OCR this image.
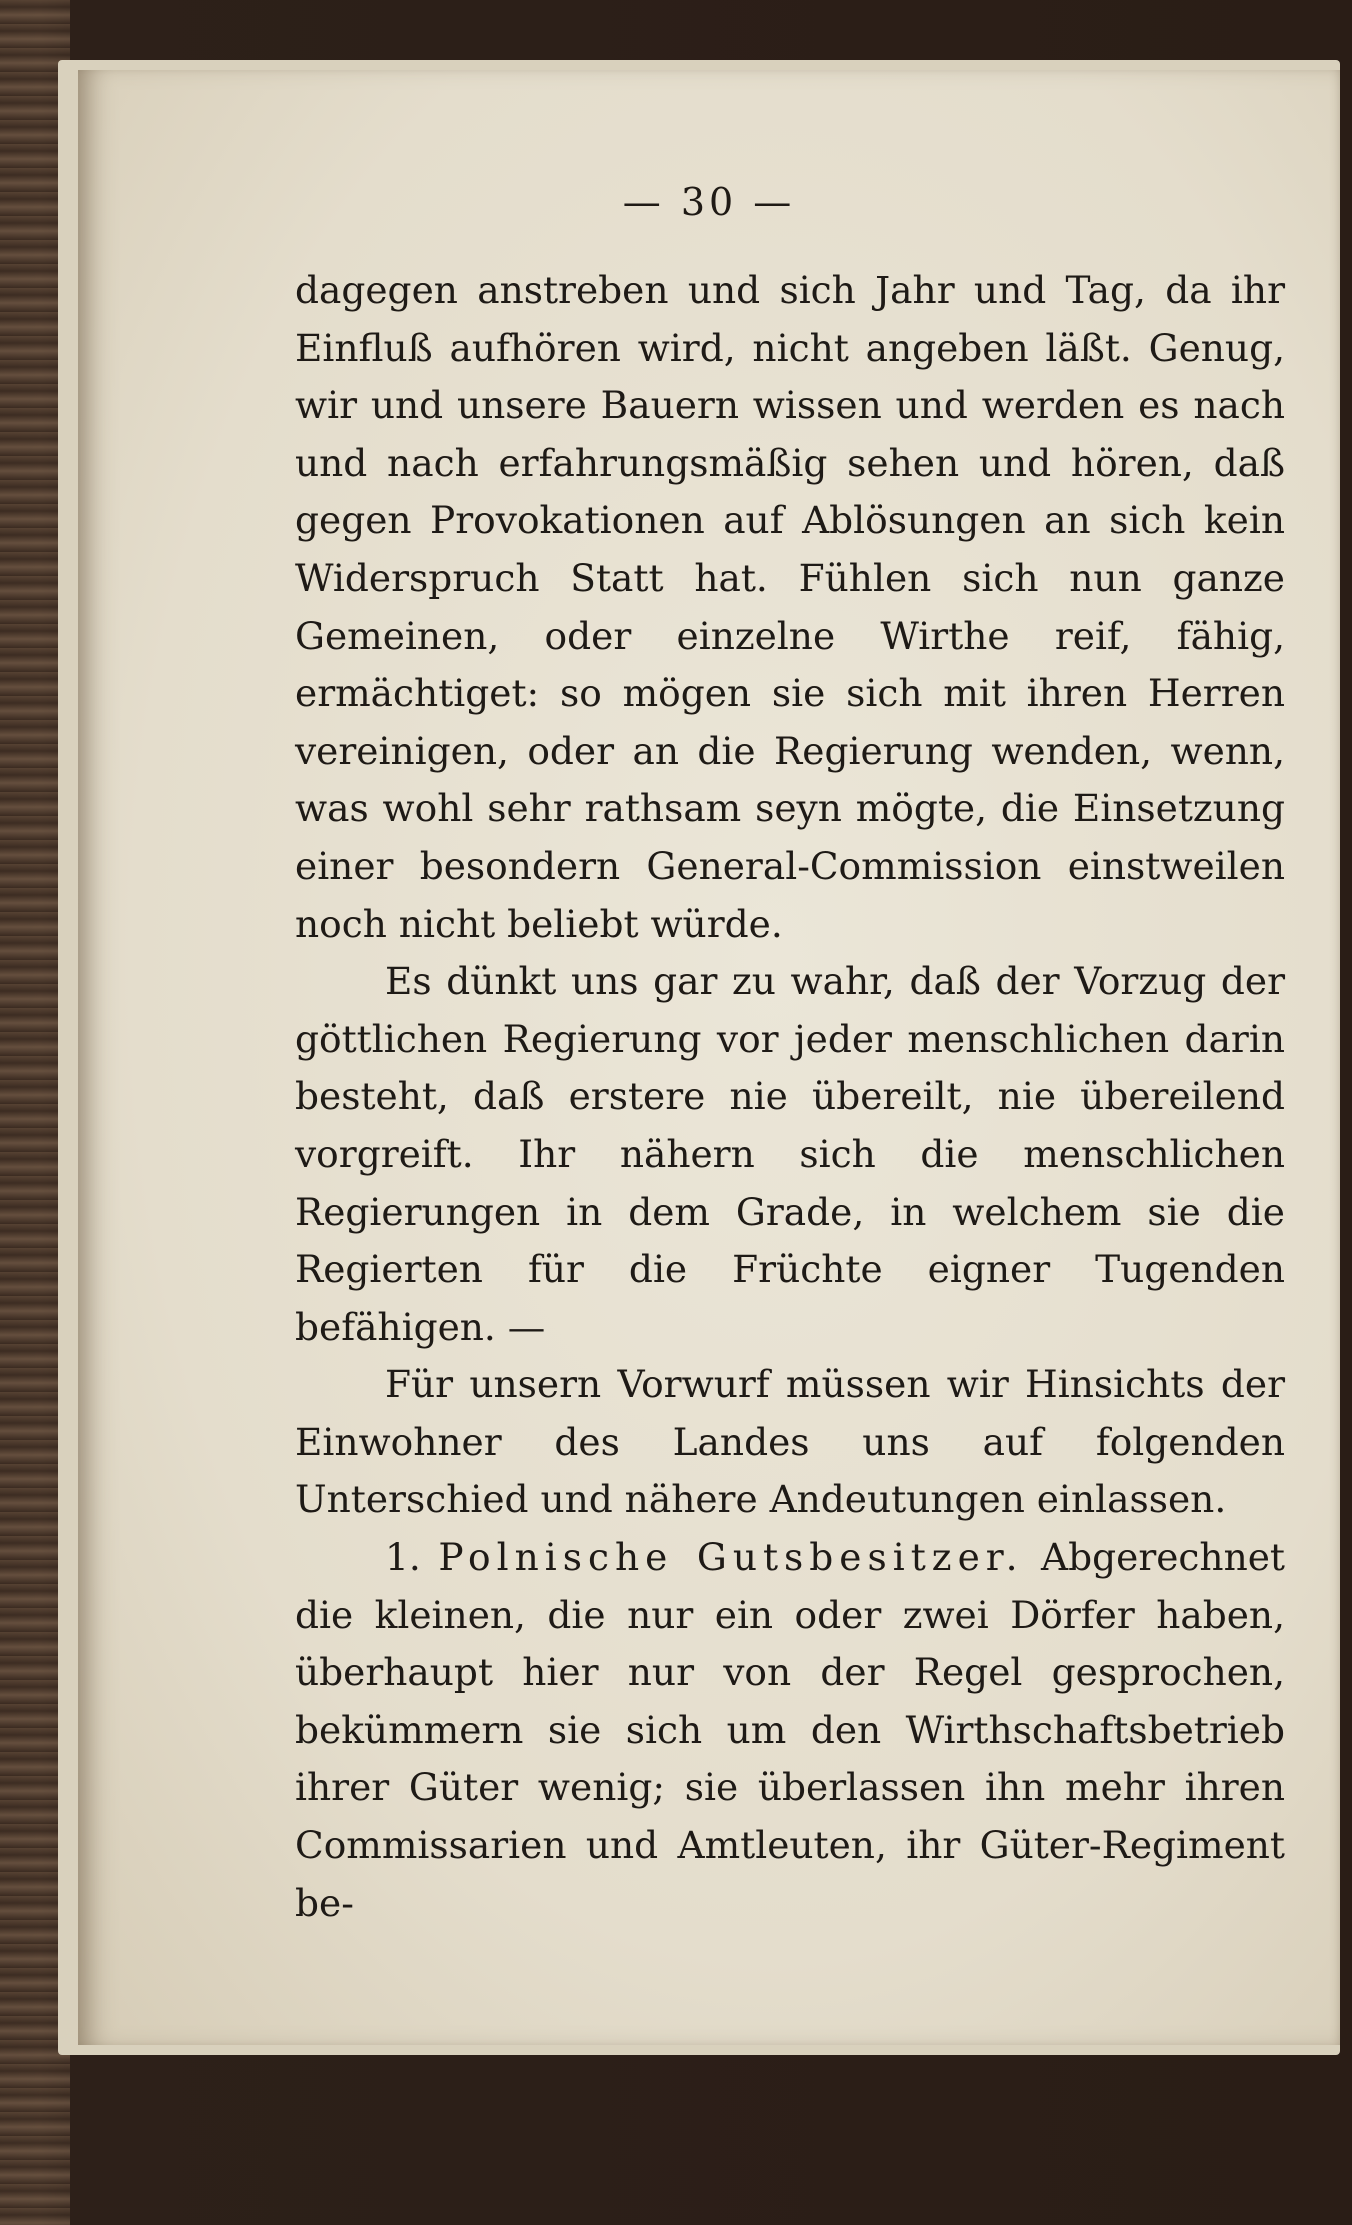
— 30 —

dagegen anstreben und sich Jahr und Tag, da ihr Einfluß aufhören wird, nicht angeben läßt. Genug, wir und unsere Bauern wissen und werden es nach und nach erfahrungsmäßig sehen und hören, daß gegen Provokationen auf Ablösungen an sich kein Widerspruch Statt hat. Fühlen sich nun ganze Gemeinen, oder einzelne Wirthe reif, fähig, ermächtiget: so mögen sie sich mit ihren Herren vereinigen, oder an die Regierung wenden, wenn, was wohl sehr rathsam seyn mögte, die Einsetzung einer besondern General-Commission einstweilen noch nicht beliebt würde.

Es dünkt uns gar zu wahr, daß der Vorzug der göttlichen Regierung vor jeder menschlichen darin besteht, daß erstere nie übereilt, nie übereilend vorgreift. Ihr nähern sich die menschlichen Regierungen in dem Grade, in welchem sie die Regierten für die Früchte eigner Tugenden befähigen. —

Für unsern Vorwurf müssen wir Hinsichts der Einwohner des Landes uns auf folgenden Unterschied und nähere Andeutungen einlassen.

1. Polnische Gutsbesitzer. Abgerechnet die kleinen, die nur ein oder zwei Dörfer haben, überhaupt hier nur von der Regel gesprochen, bekümmern sie sich um den Wirthschaftsbetrieb ihrer Güter wenig; sie überlassen ihn mehr ihren Commissarien und Amtleuten, ihr Güter-Regiment be-
